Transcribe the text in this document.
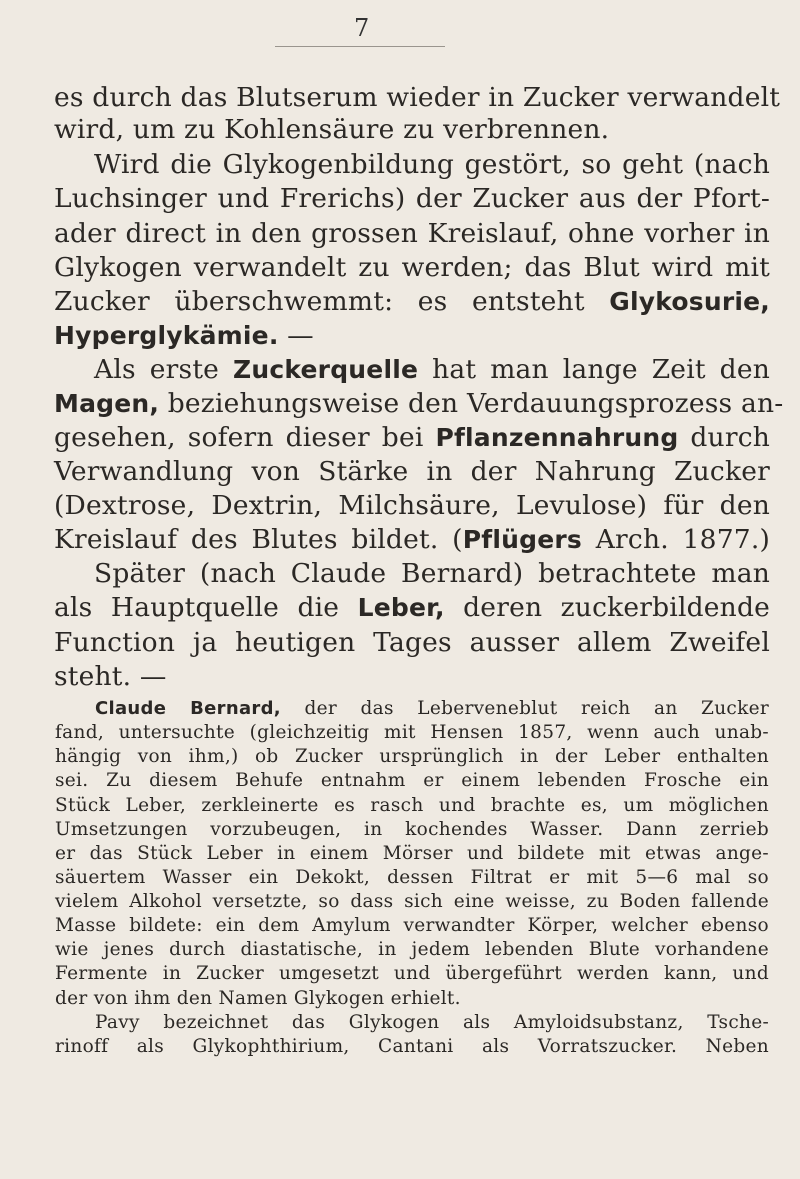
7
es durch das Blutserum wieder in Zucker verwandelt
wird, um zu Kohlensäure zu verbrennen.
Wird die Glykogenbildung gestört, so geht (nach
Luchsinger und Frerichs) der Zucker aus der Pfort-
ader direct in den grossen Kreislauf, ohne vorher in
Glykogen verwandelt zu werden; das Blut wird mit
Zucker überschwemmt: es entsteht Glykosurie,
Hyperglykämie. —
Als erste Zuckerquelle hat man lange Zeit den
Magen, beziehungsweise den Verdauungsprozess an-
gesehen, sofern dieser bei Pflanzennahrung durch
Verwandlung von Stärke in der Nahrung Zucker
(Dextrose, Dextrin, Milchsäure, Levulose) für den
Kreislauf des Blutes bildet. (Pflügers Arch. 1877.)
Später (nach Claude Bernard) betrachtete man
als Hauptquelle die Leber, deren zuckerbildende
Function ja heutigen Tages ausser allem Zweifel
steht. —
Claude Bernard, der das Leberveneblut reich an Zucker
fand, untersuchte (gleichzeitig mit Hensen 1857, wenn auch unab-
hängig von ihm,) ob Zucker ursprünglich in der Leber enthalten
sei. Zu diesem Behufe entnahm er einem lebenden Frosche ein
Stück Leber, zerkleinerte es rasch und brachte es, um möglichen
Umsetzungen vorzubeugen, in kochendes Wasser. Dann zerrieb
er das Stück Leber in einem Mörser und bildete mit etwas ange-
säuertem Wasser ein Dekokt, dessen Filtrat er mit 5—6 mal so
vielem Alkohol versetzte, so dass sich eine weisse, zu Boden fallende
Masse bildete: ein dem Amylum verwandter Körper, welcher ebenso
wie jenes durch diastatische, in jedem lebenden Blute vorhandene
Fermente in Zucker umgesetzt und übergeführt werden kann, und
der von ihm den Namen Glykogen erhielt.
Pavy bezeichnet das Glykogen als Amyloidsubstanz, Tsche-
rinoff als Glykophthirium, Cantani als Vorratszucker. Neben
